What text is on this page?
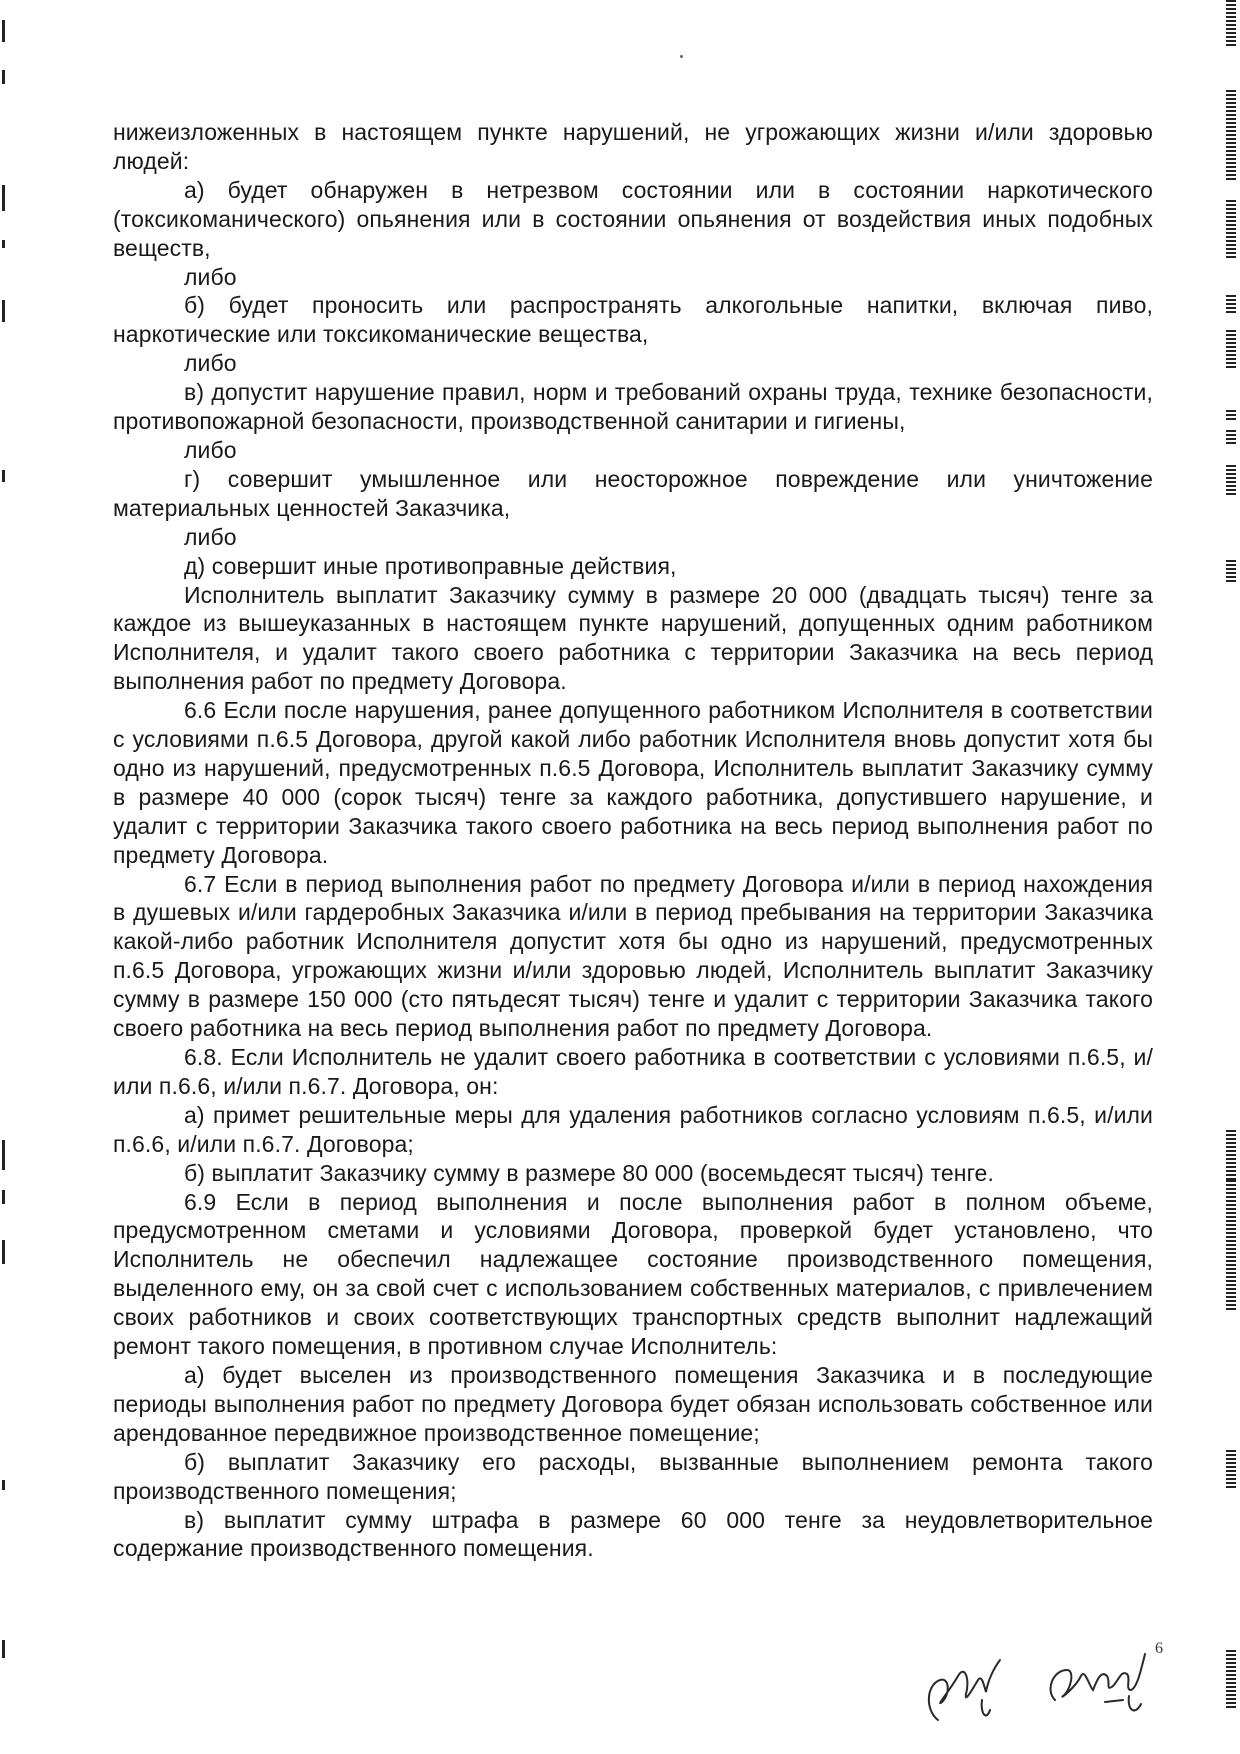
нижеизложенных в настоящем пункте нарушений, не угрожающих жизни и/или здоровью людей:

а) будет обнаружен в нетрезвом состоянии или в состоянии наркотического (токсикоманического) опьянения или в состоянии опьянения от воздействия иных подобных веществ,

либо

б) будет проносить или распространять алкогольные напитки, включая пиво, наркотические или токсикоманические вещества,

либо

в) допустит нарушение правил, норм и требований охраны труда, технике безопасности, противопожарной безопасности, производственной санитарии и гигиены,

либо

г) совершит умышленное или неосторожное повреждение или уничтожение материальных ценностей Заказчика,

либо

д) совершит иные противоправные действия,

Исполнитель выплатит Заказчику сумму в размере 20 000 (двадцать тысяч) тенге за каждое из вышеуказанных в настоящем пункте нарушений, допущенных одним работником Исполнителя, и удалит такого своего работника с территории Заказчика на весь период выполнения работ по предмету Договора.

6.6 Если после нарушения, ранее допущенного работником Исполнителя в соответствии с условиями п.6.5 Договора, другой какой либо работник Исполнителя вновь допустит хотя бы одно из нарушений, предусмотренных п.6.5 Договора, Исполнитель выплатит Заказчику сумму в размере 40 000 (сорок тысяч) тенге за каждого работника, допустившего нарушение, и удалит с территории Заказчика такого своего работника на весь период выполнения работ по предмету Договора.

6.7 Если в период выполнения работ по предмету Договора и/или в период нахождения в душевых и/или гардеробных Заказчика и/или в период пребывания на территории Заказчика какой-либо работник Исполнителя допустит хотя бы одно из нарушений, предусмотренных п.6.5 Договора, угрожающих жизни и/или здоровью людей, Исполнитель выплатит Заказчику сумму в размере 150 000 (сто пятьдесят тысяч) тенге и удалит с территории Заказчика такого своего работника на весь период выполнения работ по предмету Договора.

6.8. Если Исполнитель не удалит своего работника в соответствии с условиями п.6.5, и/или п.6.6, и/или п.6.7. Договора, он:

а) примет решительные меры для удаления работников согласно условиям п.6.5, и/или п.6.6, и/или п.6.7. Договора;

б) выплатит Заказчику сумму в размере 80 000 (восемьдесят тысяч) тенге.

6.9 Если в период выполнения и после выполнения работ в полном объеме, предусмотренном сметами и условиями Договора, проверкой будет установлено, что Исполнитель не обеспечил надлежащее состояние производственного помещения, выделенного ему, он за свой счет с использованием собственных материалов, с привлечением своих работников и своих соответствующих транспортных средств выполнит надлежащий ремонт такого помещения, в противном случае Исполнитель:

а) будет выселен из производственного помещения Заказчика и в последующие периоды выполнения работ по предмету Договора будет обязан использовать собственное или арендованное передвижное производственное помещение;

б) выплатит Заказчику его расходы, вызванные выполнением ремонта такого производственного помещения;

в) выплатит сумму штрафа в размере 60 000 тенге за неудовлетворительное содержание производственного помещения.

6
